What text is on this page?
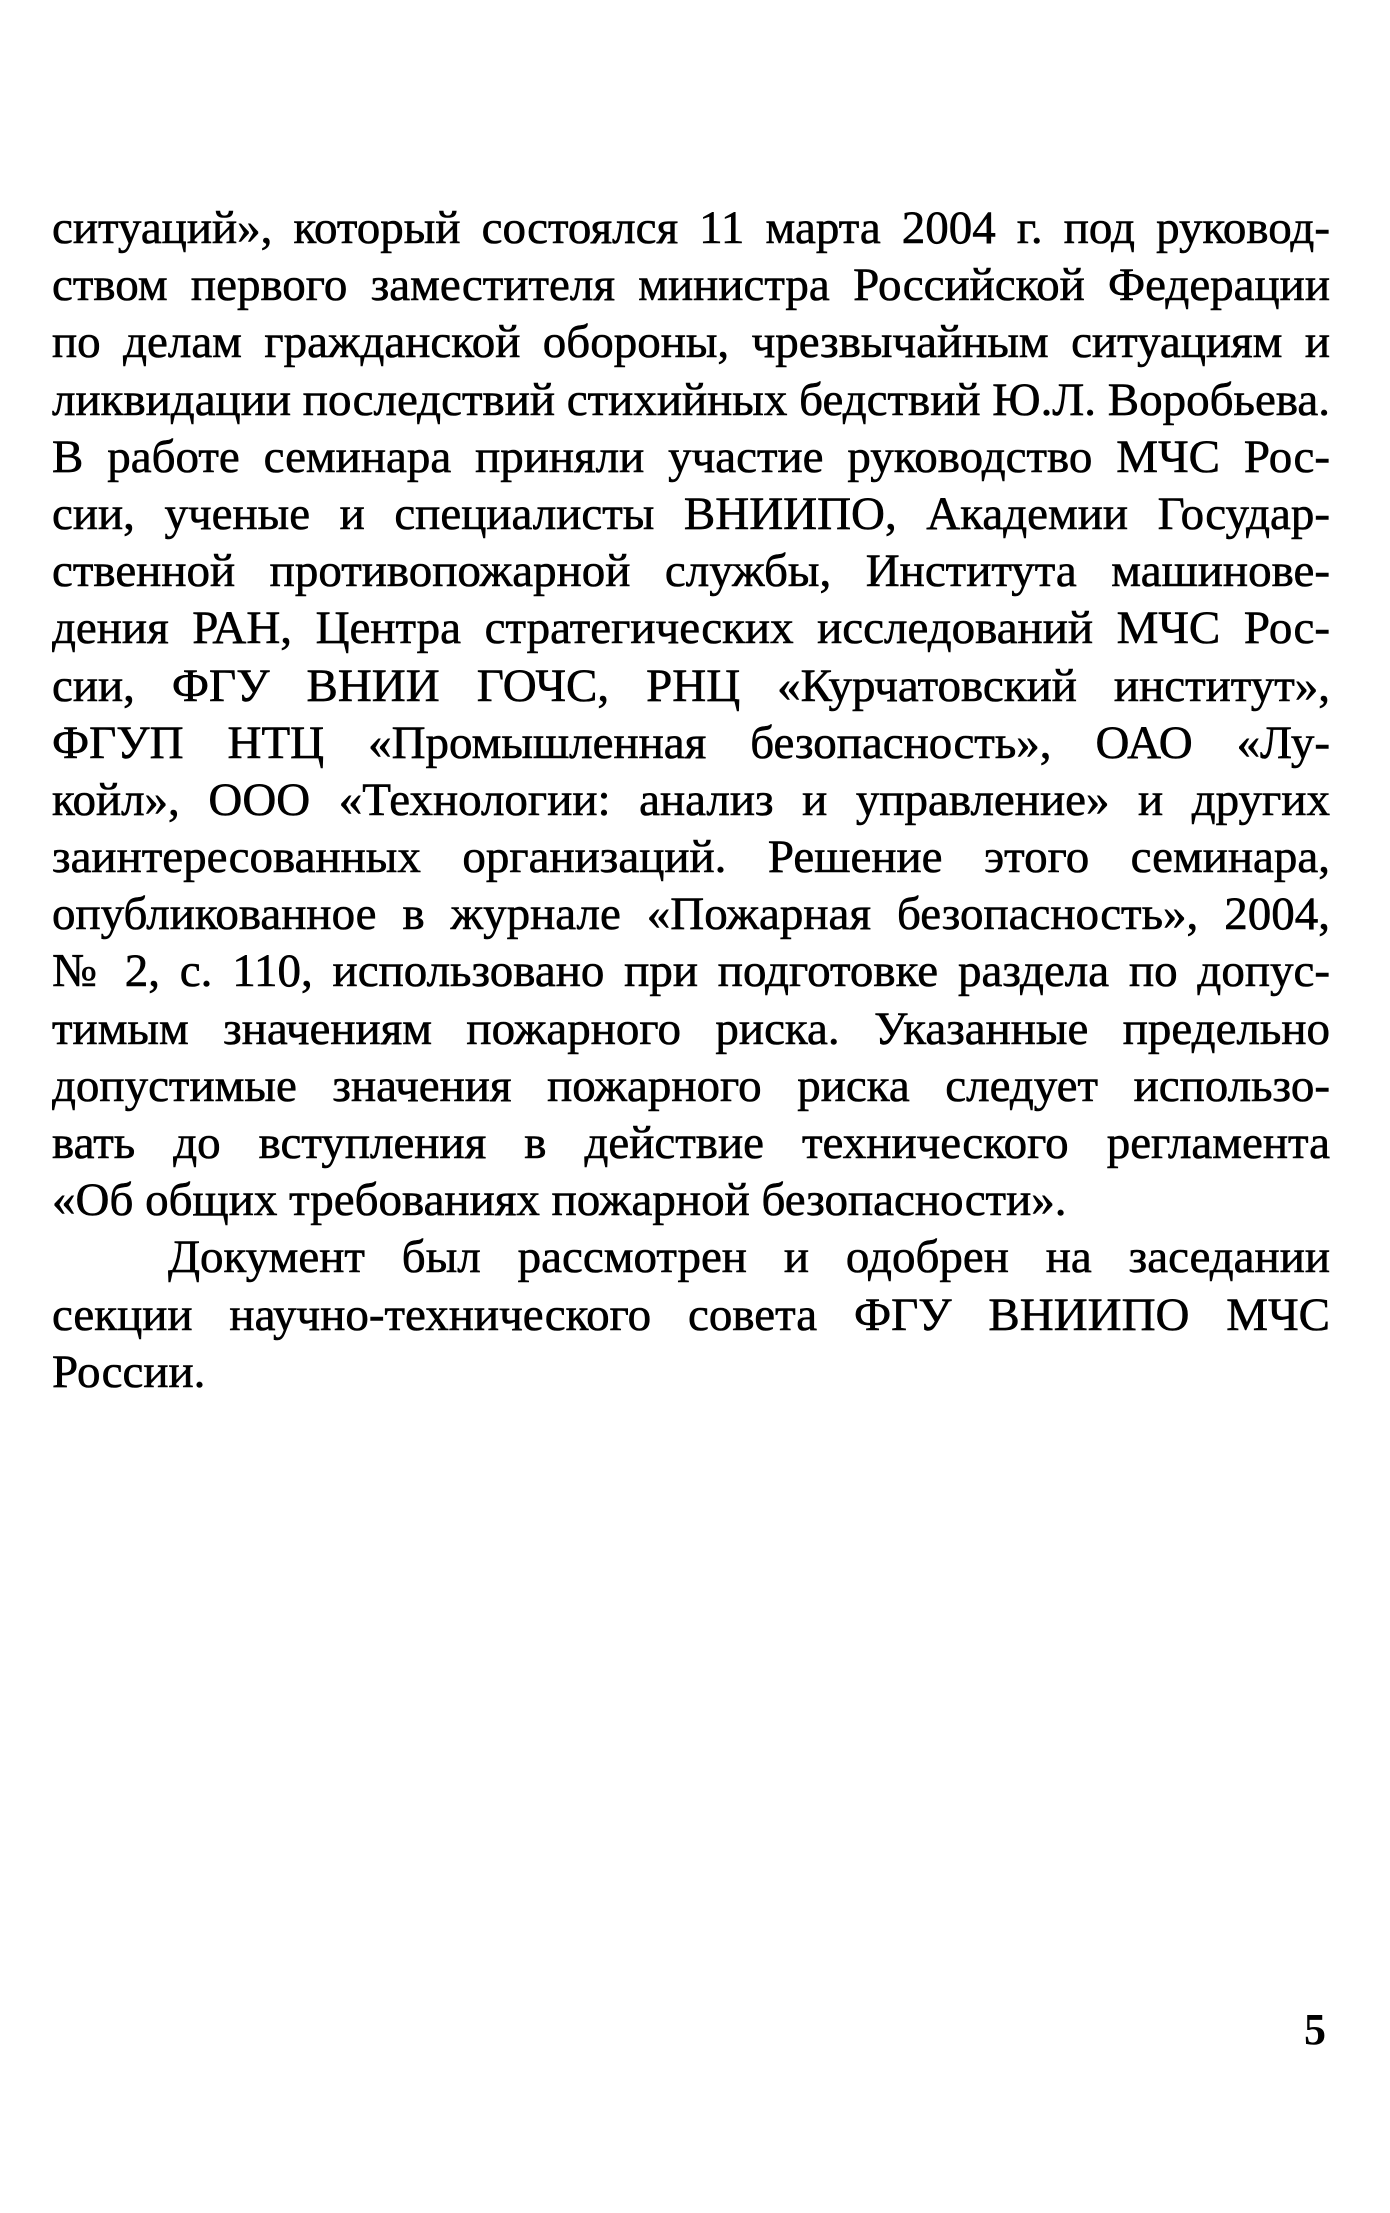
ситуаций», который состоялся 11 марта 2004 г. под руковод-
ством первого заместителя министра Российской Федерации
по делам гражданской обороны, чрезвычайным ситуациям и
ликвидации последствий стихийных бедствий Ю.Л. Воробьева.
В работе семинара приняли участие руководство МЧС Рос-
сии, ученые и специалисты ВНИИПО, Академии Государ-
ственной противопожарной службы, Института машинове-
дения РАН, Центра стратегических исследований МЧС Рос-
сии, ФГУ ВНИИ ГОЧС, РНЦ «Курчатовский институт»,
ФГУП НТЦ «Промышленная безопасность», ОАО «Лу-
койл», ООО «Технологии: анализ и управление» и других
заинтересованных организаций. Решение этого семинара,
опубликованное в журнале «Пожарная безопасность», 2004,
№ 2, с. 110, использовано при подготовке раздела по допус-
тимым значениям пожарного риска. Указанные предельно
допустимые значения пожарного риска следует использо-
вать до вступления в действие технического регламента
«Об общих требованиях пожарной безопасности».
Документ был рассмотрен и одобрен на заседании
секции научно-технического совета ФГУ ВНИИПО МЧС
России.
5
